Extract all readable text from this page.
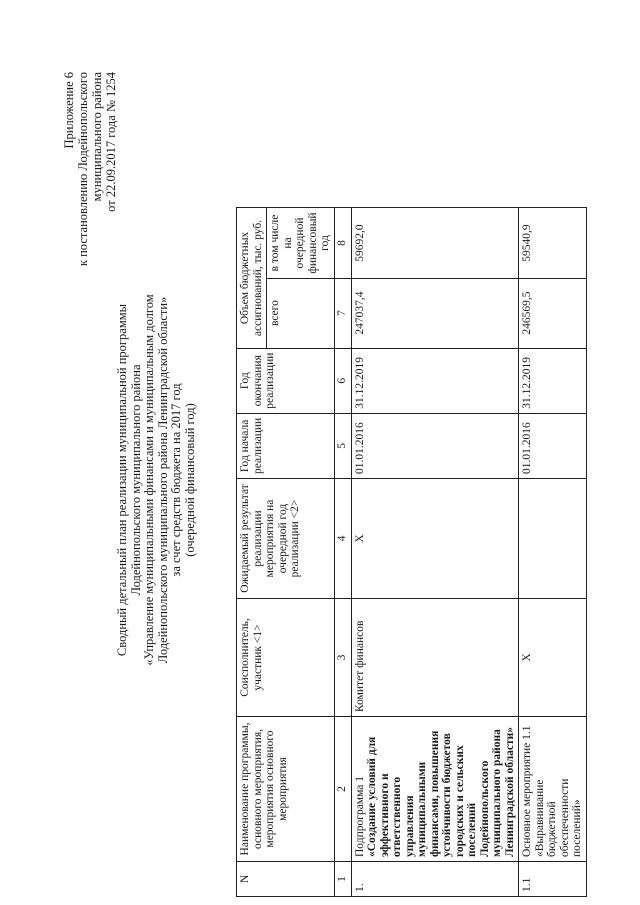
Приложение 6 к постановлению Лодейнопольского муниципального района от 22.09.2017 года № 1254
Сводный детальный план реализации муниципальной программы Лодейнопольского муниципального района «Управление муниципальными финансами и муниципальным долгом Лодейнопольского муниципального района Ленинградской области» за счет средств бюджета на 2017 год (очередной финансовый год)
N	Наименование программы, основного мероприятия, мероприятия основного мероприятия	Соисполнитель, участник <1>	Ожидаемый результат реализации мероприятия на очередной год реализации <2>	Год начала реализации	Год окончания реализации	Объем бюджетных ассигнований, тыс. руб.	
						всего	в том числе на очередной финансовый год
1	2	3	4	5	6	7	8
1.	Подпрограмма 1 «Создание условий для эффективного и ответственного управления муниципальными финансами, повышения устойчивости бюджетов городских и сельских поселений Лодейнопольского муниципального района Ленинградской области»	Комитет финансов	Х	01.01.2016	31.12.2019	247037,4	59692,0
1.1	Основное мероприятие 1.1 «Выравнивание бюджетной обеспеченности поселений»	Х		01.01.2016	31.12.2019	246569,5	59540,9
